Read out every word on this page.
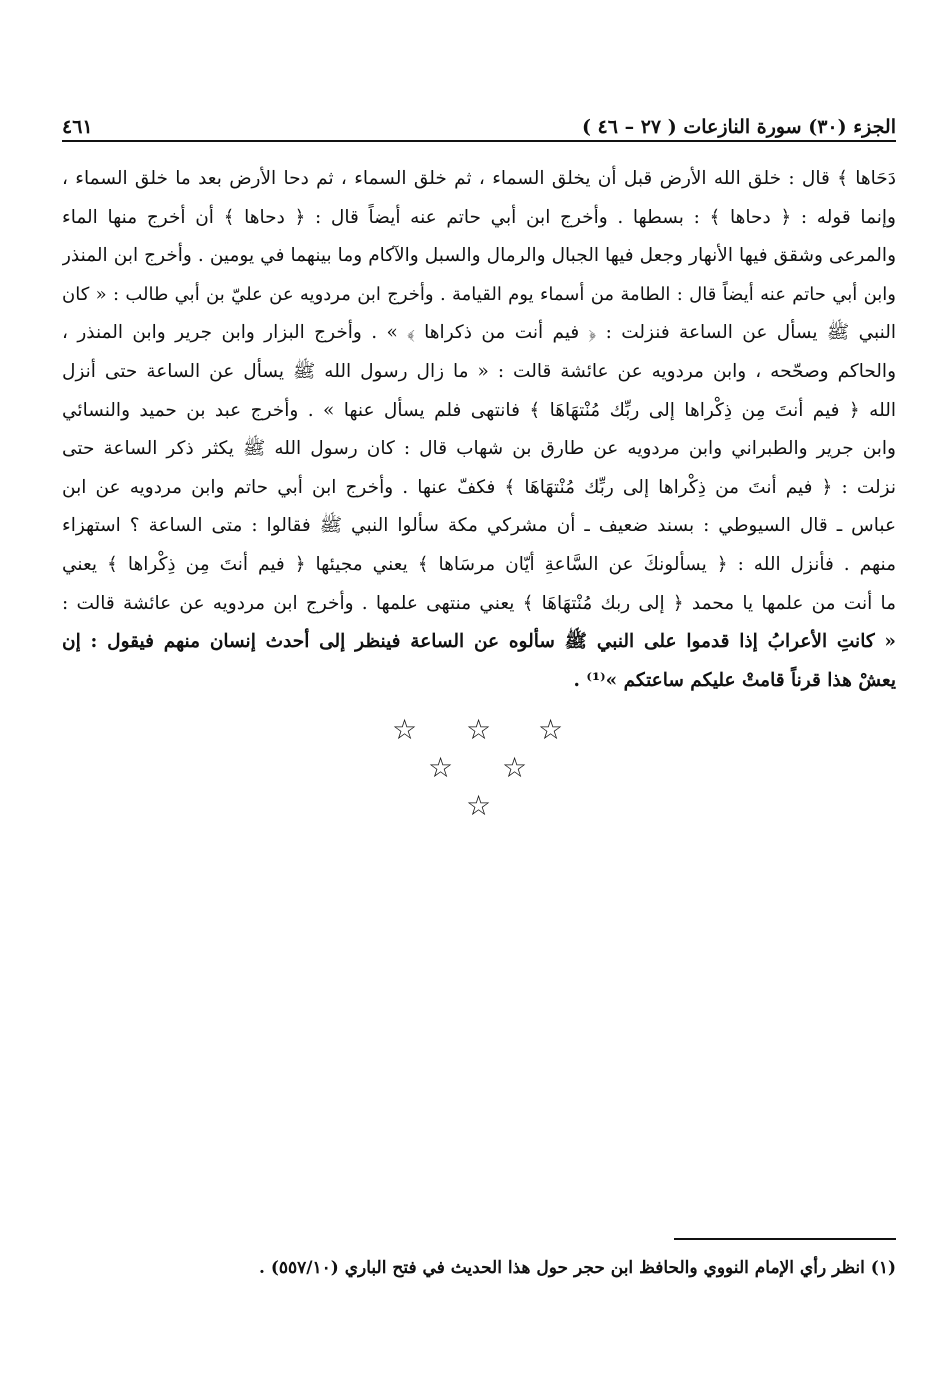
الجزء (٣٠) سورة النازعات ( ٢٧ – ٤٦ )
٤٦١
دَحَاها ﴾ قال : خلق الله الأرض قبل أن يخلق السماء ، ثم خلق السماء ، ثم دحا الأرض بعد ما خلق السماء ،
وإنما قوله : ﴿ دحاها ﴾ : بسطها . وأخرج ابن أبي حاتم عنه أيضاً قال : ﴿ دحاها ﴾ أن أخرج منها الماء
والمرعى وشقق فيها الأنهار وجعل فيها الجبال والرمال والسبل والآكام وما بينهما في يومين . وأخرج ابن المنذر
وابن أبي حاتم عنه أيضاً قال : الطامة من أسماء يوم القيامة . وأخرج ابن مردويه عن عليّ بن أبي طالب : « كان
النبي ﷺ يسأل عن الساعة فنزلت : ﴿ فيم أنت من ذكراها ﴾ » . وأخرج البزار وابن جرير وابن المنذر ،
والحاكم وصحّحه ، وابن مردويه عن عائشة قالت : « ما زال رسول الله ﷺ يسأل عن الساعة حتى أنزل
الله ﴿ فيم أنتَ مِن ذِكْراها إلى ربِّك مُنْتهَاهَا ﴾ فانتهى فلم يسأل عنها » . وأخرج عبد بن حميد والنسائي
وابن جرير والطبراني وابن مردويه عن طارق بن شهاب قال : كان رسول الله ﷺ يكثر ذكر الساعة حتى
نزلت : ﴿ فيم أنتَ من ذِكْراها إلى ربِّك مُنْتهَاهَا ﴾ فكفّ عنها . وأخرج ابن أبي حاتم وابن مردويه عن ابن
عباس ـ قال السيوطي : بسند ضعيف ـ أن مشركي مكة سألوا النبي ﷺ فقالوا : متى الساعة ؟ استهزاء
منهم . فأنزل الله : ﴿ يسألونكَ عن السَّاعةِ أيّان مرسَاها ﴾ يعني مجيئها ﴿ فيم أنتَ مِن ذِكْراها ﴾ يعني
ما أنت من علمها يا محمد ﴿ إلى ربك مُنْتهَاهَا ﴾ يعني منتهى علمها . وأخرج ابن مردويه عن عائشة قالت :
« كانتِ الأعرابُ إذا قدموا على النبي ﷺ سألوه عن الساعة فينظر إلى أحدث إنسان منهم فيقول : إن
يعشْ هذا قرناً قامتْ عليكم ساعتكم »⁽¹⁾ .
☆ ☆ ☆
☆ ☆
☆
(١) انظر رأي الإمام النووي والحافظ ابن حجر حول هذا الحديث في فتح الباري (٥٥٧/١٠) .
